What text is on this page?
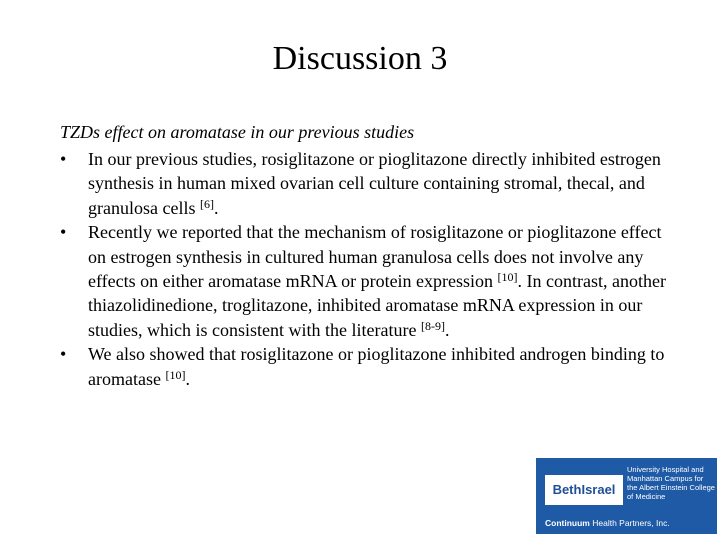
Discussion 3
TZDs effect on aromatase in our previous studies
• In our previous studies, rosiglitazone or pioglitazone directly inhibited estrogen synthesis in human mixed ovarian cell culture containing stromal, thecal, and granulosa cells [6].
• Recently we reported that the mechanism of rosiglitazone or pioglitazone effect on estrogen synthesis in cultured human granulosa cells does not involve any effects on either aromatase mRNA or protein expression [10]. In contrast, another thiazolidinedione, troglitazone, inhibited aromatase mRNA expression in our studies, which is consistent with the literature [8-9].
• We also showed that rosiglitazone or pioglitazone inhibited androgen binding to aromatase [10].
BethIsrael
University Hospital and
Manhattan Campus for
the Albert Einstein College
of Medicine
Continuum Health Partners, Inc.
